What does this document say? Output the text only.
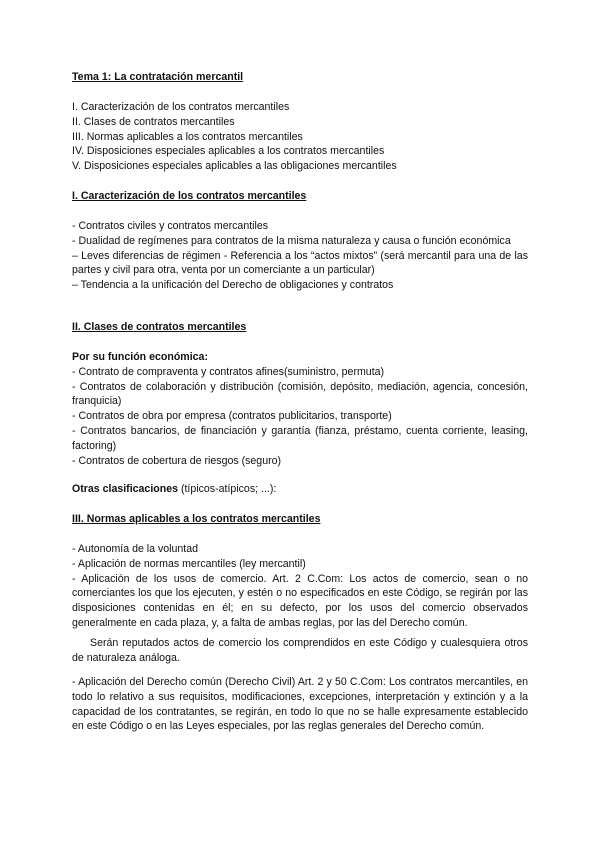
Tema 1: La contratación mercantil

I. Caracterización de los contratos mercantiles

II. Clases de contratos mercantiles

III. Normas aplicables a los contratos mercantiles

IV. Disposiciones especiales aplicables a los contratos mercantiles

V. Disposiciones especiales aplicables a las obligaciones mercantiles

I. Caracterización de los contratos mercantiles

- Contratos civiles y contratos mercantiles

- Dualidad de regímenes para contratos de la misma naturaleza y causa o función económica

– Leves diferencias de régimen - Referencia a los “actos mixtos” (será mercantil para una de las partes y civil para otra, venta por un comerciante a un particular)

– Tendencia a la unificación del Derecho de obligaciones y contratos

II. Clases de contratos mercantiles

Por su función económica:

- Contrato de compraventa y contratos afines(suministro, permuta)

- Contratos de colaboración y distribución (comisión, depósito, mediación, agencia, concesión, franquicia)

- Contratos de obra por empresa (contratos publicitarios, transporte)

- Contratos bancarios, de financiación y garantía (fianza, préstamo, cuenta corriente, leasing, factoring)

- Contratos de cobertura de riesgos (seguro)

Otras clasificaciones (típicos-atípicos; ...):

III. Normas aplicables a los contratos mercantiles

- Autonomía de la voluntad

- Aplicación de normas mercantiles (ley mercantil)

- Aplicación de los usos de comercio. Art. 2 C.Com: Los actos de comercio, sean o no comerciantes los que los ejecuten, y estén o no especificados en este Código, se regirán por las disposiciones contenidas en él; en su defecto, por los usos del comercio observados generalmente en cada plaza, y, a falta de ambas reglas, por las del Derecho común.

Serán reputados actos de comercio los comprendidos en este Código y cualesquiera otros de naturaleza análoga.

- Aplicación del Derecho común (Derecho Civil) Art. 2 y 50 C.Com: Los contratos mercantiles, en todo lo relativo a sus requisitos, modificaciones, excepciones, interpretación y extinción y a la capacidad de los contratantes, se regirán, en todo lo que no se halle expresamente establecido en este Código o en las Leyes especiales, por las reglas generales del Derecho común.
